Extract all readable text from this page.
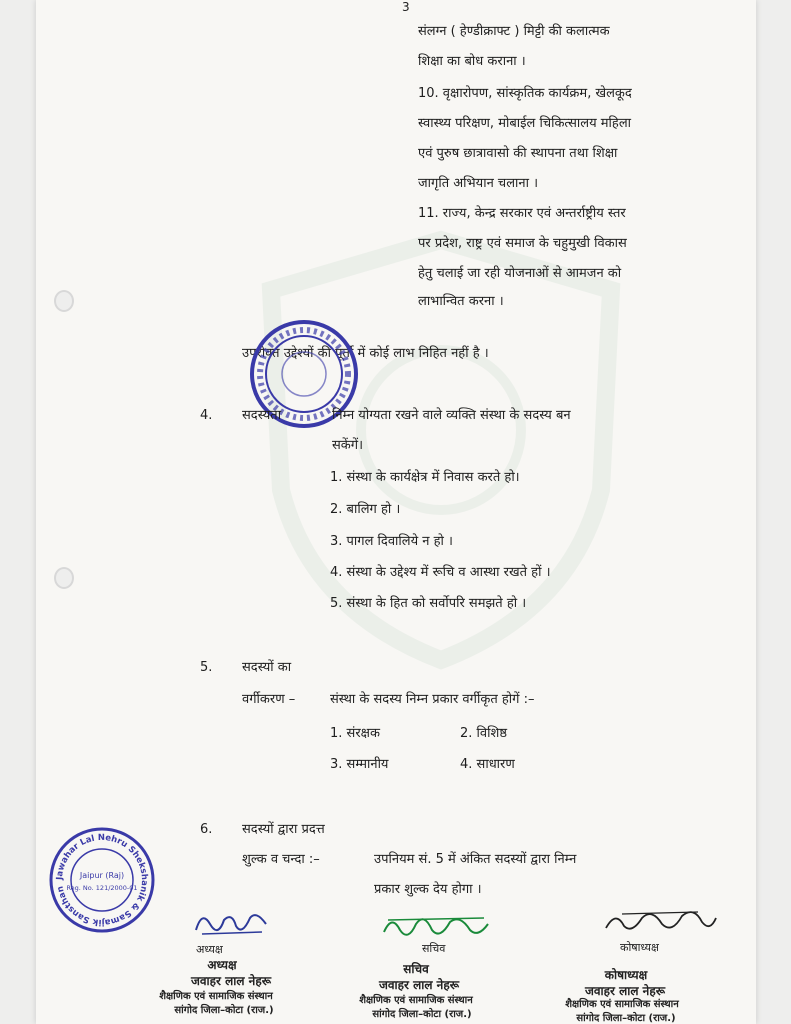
3
संलग्न ( हेण्डीक्राफ्ट ) मिट्टी की कलात्मक
शिक्षा का बोध कराना ।
10. वृक्षारोपण, सांस्कृतिक कार्यक्रम, खेलकूद
स्वास्थ्य परिक्षण, मोबाईल चिकित्सालय महिला
एवं पुरुष छात्रावासो की स्थापना तथा शिक्षा
जागृति अभियान चलाना ।
11. राज्य, केन्द्र सरकार एवं अन्तर्राष्ट्रीय स्तर
पर प्रदेश, राष्ट्र एवं समाज के चहुमुखी विकास
हेतु चलाई जा रही योजनाओं से आमजन को
लाभान्वित करना ।
उपरोक्त उद्देश्यों की पूर्ती में कोई लाभ निहित नहीं है ।
4. सदस्यता	निम्न योग्यता रखने वाले व्यक्ति संस्था के सदस्य बन
सकेंगें।
1. संस्था के कार्यक्षेत्र में निवास करते हो।
2. बालिग हो ।
3. पागल दिवालिये न हो ।
4. संस्था के उद्देश्य में रूचि व आस्था रखते हों ।
5. संस्था के हित को सर्वोपरि समझते हो ।
5. सदस्यों का
वर्गीकरण –	संस्था के सदस्य निम्न प्रकार वर्गीकृत होगें :–
1. संरक्षक	2. विशिष्ठ
3. सम्मानीय	4. साधारण
6. सदस्यों द्वारा प्रदत्त
शुल्क व चन्दा :–	उपनियम सं. 5 में अंकित सदस्यों द्वारा निम्न
प्रकार शुल्क देय होगा ।
Jawahar Lal Nehru Shekshanik & Samajik Sansthan
Jaipur (Raj)
Reg. No. 121/2000-01
अध्यक्ष	सचिव	कोषाध्यक्ष
अध्यक्ष
जवाहर लाल नेहरू
शैक्षणिक एवं सामाजिक संस्थान
सांगोद जिला–कोटा (राज.)
सचिव
जवाहर लाल नेहरू
शैक्षणिक एवं सामाजिक संस्थान
सांगोद जिला–कोटा (राज.)
कोषाध्यक्ष
जवाहर लाल नेहरू
शैक्षणिक एवं सामाजिक संस्थान
सांगोद जिला–कोटा (राज.)
